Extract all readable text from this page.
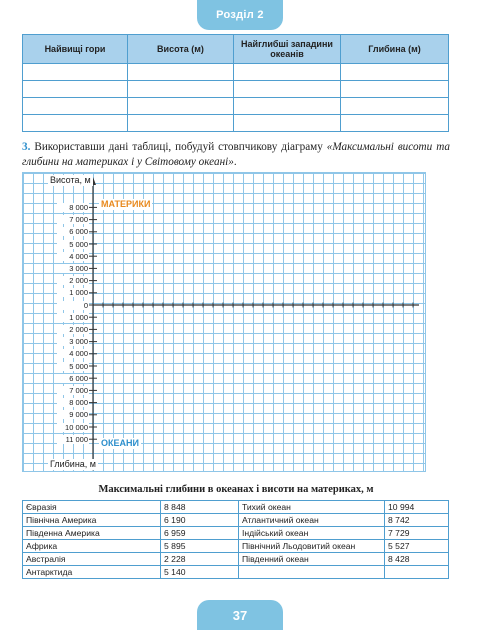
Розділ 2
Найвищі гори	Висота (м)	Найглибші западини океанів	Глибина (м)

3. Використавши дані таблиці, побудуй стовпчикову діаграму «Максимальні висоти та глибини на материках і у Світовому океані».

Висота, м
Глибина, м
МАТЕРИКИ
ОКЕАНИ
8 000
7 000
6 000
5 000
4 000
3 000
2 000
1 000
0
1 000
2 000
3 000
4 000
5 000
6 000
7 000
8 000
9 000
10 000
11 000
Максимальні глибини в океанах і висоти на материках, м
Євразія	8 848	Тихий океан	10 994
Північна Америка	6 190	Атлантичний океан	8 742
Південна Америка	6 959	Індійський океан	7 729
Африка	5 895	Північний Льодовитий океан	5 527
Австралія	2 228	Південний океан	8 428
Антарктида	5 140		
37
